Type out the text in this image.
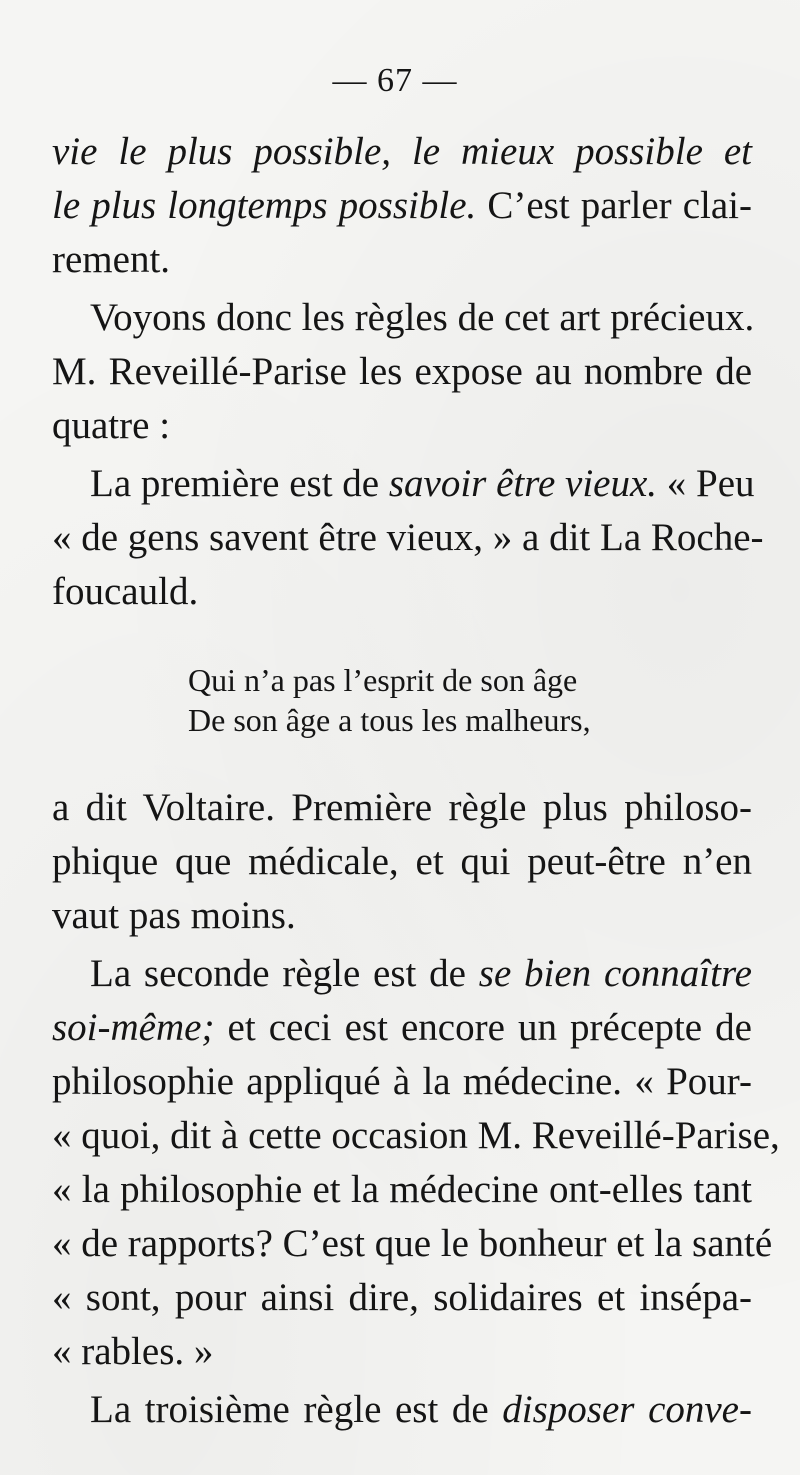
— 67 —
vie le plus possible, le mieux possible et
le plus longtemps possible. C’est parler clai-
rement.
Voyons donc les règles de cet art précieux.
M. Reveillé-Parise les expose au nombre de
quatre :
La première est de savoir être vieux. « Peu
« de gens savent être vieux, » a dit La Roche-
foucauld.
Qui n’a pas l’esprit de son âge
De son âge a tous les malheurs,
a dit Voltaire. Première règle plus philoso-
phique que médicale, et qui peut-être n’en
vaut pas moins.
La seconde règle est de se bien connaître
soi-même; et ceci est encore un précepte de
philosophie appliqué à la médecine. « Pour-
« quoi, dit à cette occasion M. Reveillé-Parise,
« la philosophie et la médecine ont-elles tant
« de rapports? C’est que le bonheur et la santé
« sont, pour ainsi dire, solidaires et insépa-
« rables. »
La troisième règle est de disposer conve-
